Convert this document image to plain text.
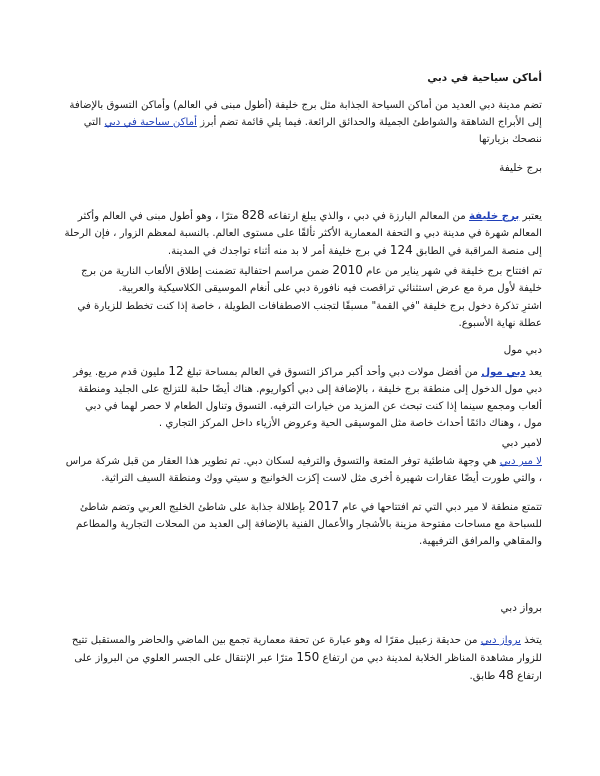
أماكن سياحية في دبي

تضم مدينة دبي العديد من أماكن السياحة الجذابة مثل برج خليفة (أطول مبنى في العالم) وأماكن التسوق بالإضافة إلى الأبراج الشاهقة والشواطئ الجميلة والحدائق الرائعة. فيما يلي قائمة تضم أبرز أماكن سياحية في دبي التي ننصحك بزيارتها

برج خليفة

يعتبر برج خليفة من المعالم البارزة في دبي ، والذي يبلغ ارتفاعه 828 مترًا ، وهو أطول مبنى في العالم وأكثر المعالم شهرة في مدينة دبي و التحفة المعمارية الأكثر تألقًا على مستوى العالم. بالنسبة لمعظم الزوار ، فإن الرحلة إلى منصة المراقبة في الطابق 124 في برج خليفة أمر لا بد منه أثناء تواجدك في المدينة.

تم افتتاح برج خليفة في شهر يناير من عام 2010 ضمن مراسم احتفالية تضمنت إطلاق الألعاب النارية من برج خليفة لأول مرة مع عرض استثنائي تراقصت فيه نافورة دبي على أنغام الموسيقى الكلاسيكية والعربية.

اشترِ تذكرة دخول برج خليفة "في القمة" مسبقًا لتجنب الاصطفافات الطويلة ، خاصة إذا كنت تخطط للزيارة في عطلة نهاية الأسبوع.
دبي مول

يعد دبي مول من أفضل مولات دبي وأحد أكبر مراكز التسوق في العالم بمساحة تبلغ 12 مليون قدم مربع. يوفر دبي مول الدخول إلى منطقة برج خليفة ، بالإضافة إلى دبي أكواريوم. هناك أيضًا حلبة للتزلج على الجليد ومنطقة ألعاب ومجمع سينما إذا كنت تبحث عن المزيد من خيارات الترفيه. التسوق وتناول الطعام لا حصر لهما في دبي مول ، وهناك دائمًا أحداث خاصة مثل الموسيقى الحية وعروض الأزياء داخل المركز التجاري .

لامير دبي

لا مير دبي هي وجهة شاطئية توفر المتعة والتسوق والترفيه لسكان دبي. تم تطوير هذا العقار من قبل شركة مراس ، والتي طورت أيضًا عقارات شهيرة أخرى مثل لاست إكزت الخوانيج و سيتي ووك ومنطقة السيف التراثية.

تتمتع منطقة لا مير دبي التي تم افتتاحها في عام 2017 بإطلالة جذابة على شاطئ الخليج العربي وتضم شاطئ للسباحة مع مساحات مفتوحة مزينة بالأشجار والأعمال الفنية بالإضافة إلى العديد من المحلات التجارية والمطاعم والمقاهي والمرافق الترفيهية.

برواز دبي

يتخذ برواز دبي من حديقة زعبيل مقرًا له وهو عبارة عن تحفة معمارية تجمع بين الماضي والحاضر والمستقبل تتيح للزوار مشاهدة المناظر الخلابة لمدينة دبي من ارتفاع 150 مترًا عبر الإنتقال على الجسر العلوي من البرواز على ارتفاع 48 طابق.
